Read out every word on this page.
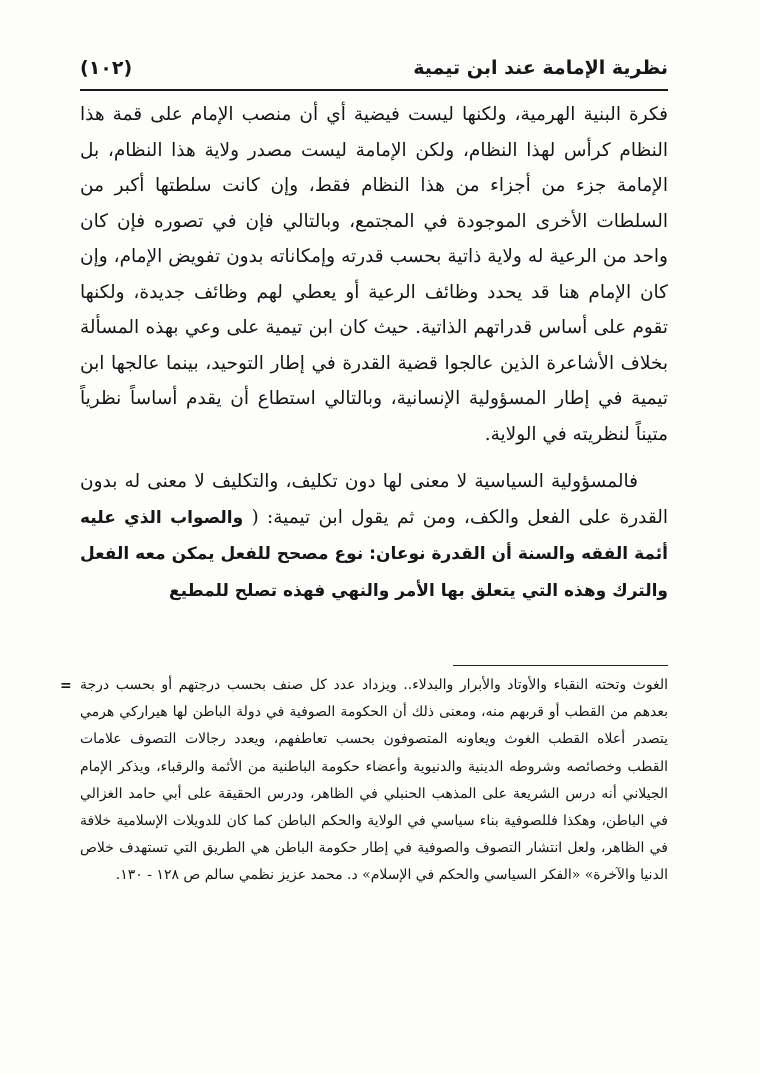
نظرية الإمامة عند ابن تيمية
(١٠٢)

فكرة البنية الهرمية، ولكنها ليست فيضية أي أن منصب الإمام على قمة هذا النظام كرأس لهذا النظام، ولكن الإمامة ليست مصدر ولاية هذا النظام، بل الإمامة جزء من أجزاء من هذا النظام فقط، وإن كانت سلطتها أكبر من السلطات الأخرى الموجودة في المجتمع، وبالتالي فإن في تصوره فإن كان واحد من الرعية له ولاية ذاتية بحسب قدرته وإمكاناته بدون تفويض الإمام، وإن كان الإمام هنا قد يحدد وظائف الرعية أو يعطي لهم وظائف جديدة، ولكنها تقوم على أساس قدراتهم الذاتية. حيث كان ابن تيمية على وعي بهذه المسألة بخلاف الأشاعرة الذين عالجوا قضية القدرة في إطار التوحيد، بينما عالجها ابن تيمية في إطار المسؤولية الإنسانية، وبالتالي استطاع أن يقدم أساساً نظرياً متيناً لنظريته في الولاية.

فالمسؤولية السياسية لا معنى لها دون تكليف، والتكليف لا معنى له بدون القدرة على الفعل والكف، ومن ثم يقول ابن تيمية: ( والصواب الذي عليه أئمة الفقه والسنة أن القدرة نوعان: نوع مصحح للفعل يمكن معه الفعل والترك وهذه التي يتعلق بها الأمر والنهي فهذه تصلح للمطيع

= الغوث وتحته النقباء والأوتاد والأبرار والبدلاء.. ويزداد عدد كل صنف بحسب درجتهم أو بحسب درجة بعدهم من القطب أو قربهم منه، ومعنى ذلك أن الحكومة الصوفية في دولة الباطن لها هيراركي هرمي يتصدر أعلاه القطب الغوث ويعاونه المتصوفون بحسب تعاطفهم، ويعدد رجالات التصوف علامات القطب وخصائصه وشروطه الدينية والدنيوية وأعضاء حكومة الباطنية من الأئمة والرقباء، ويذكر الإمام الجيلاني أنه درس الشريعة على المذهب الحنبلي في الظاهر، ودرس الحقيقة على أبي حامد الغزالي في الباطن، وهكذا فللصوفية بناء سياسي في الولاية والحكم الباطن كما كان للدويلات الإسلامية خلافة في الظاهر، ولعل انتشار التصوف والصوفية في إطار حكومة الباطن هي الطريق التي تستهدف خلاص الدنيا والآخرة» «الفكر السياسي والحكم في الإسلام» د. محمد عزيز نظمي سالم ص ١٢٨ - ١٣٠.
